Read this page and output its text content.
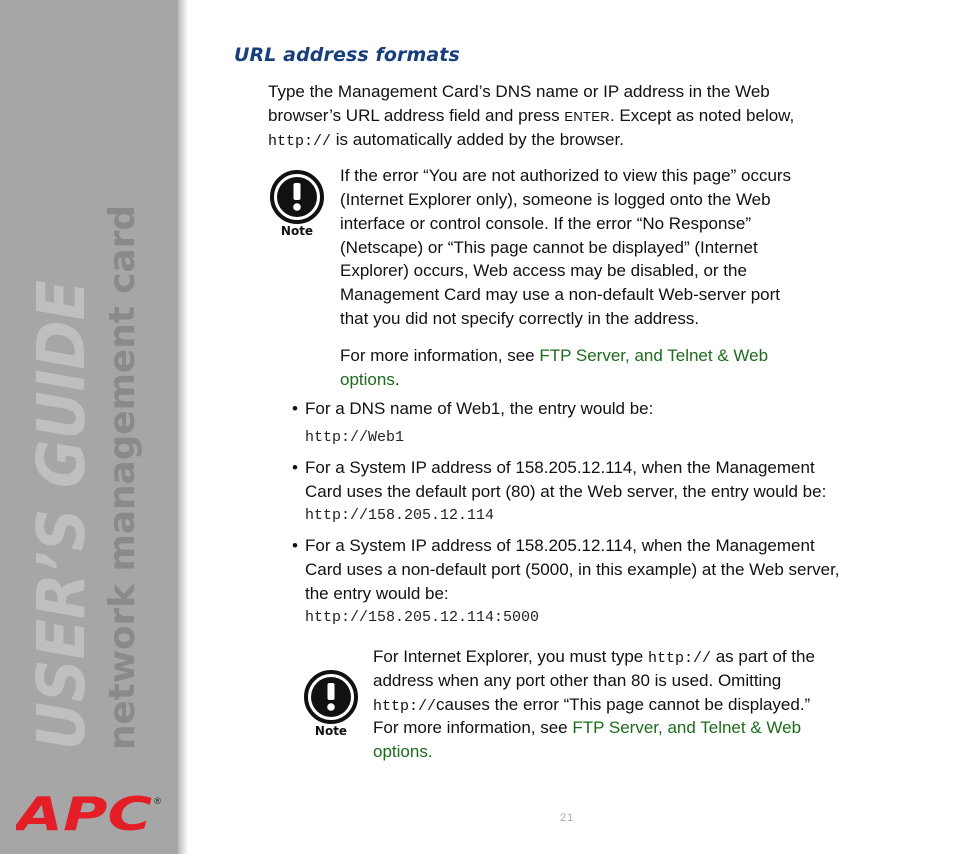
USER’S GUIDE network management card
APC ®
URL address formats

Type the Management Card’s DNS name or IP address in the Web

browser’s URL address field and press ENTER. Except as noted below,

http:// is automatically added by the browser.

Note

If the error “You are not authorized to view this page” occurs

(Internet Explorer only), someone is logged onto the Web

interface or control console. If the error “No Response”

(Netscape) or “This page cannot be displayed” (Internet

Explorer) occurs, Web access may be disabled, or the

Management Card may use a non-default Web-server port

that you did not specify correctly in the address.

For more information, see FTP Server, and Telnet & Web

options.

• For a DNS name of Web1, the entry would be:

http://Web1
• For a System IP address of 158.205.12.114, when the Management

Card uses the default port (80) at the Web server, the entry would be:

http://158.205.12.114
• For a System IP address of 158.205.12.114, when the Management

Card uses a non-default port (5000, in this example) at the Web server,

the entry would be:

http://158.205.12.114:5000
Note

For Internet Explorer, you must type http:// as part of the

address when any port other than 80 is used. Omitting

http://causes the error “This page cannot be displayed.”

For more information, see FTP Server, and Telnet & Web

options.

21
